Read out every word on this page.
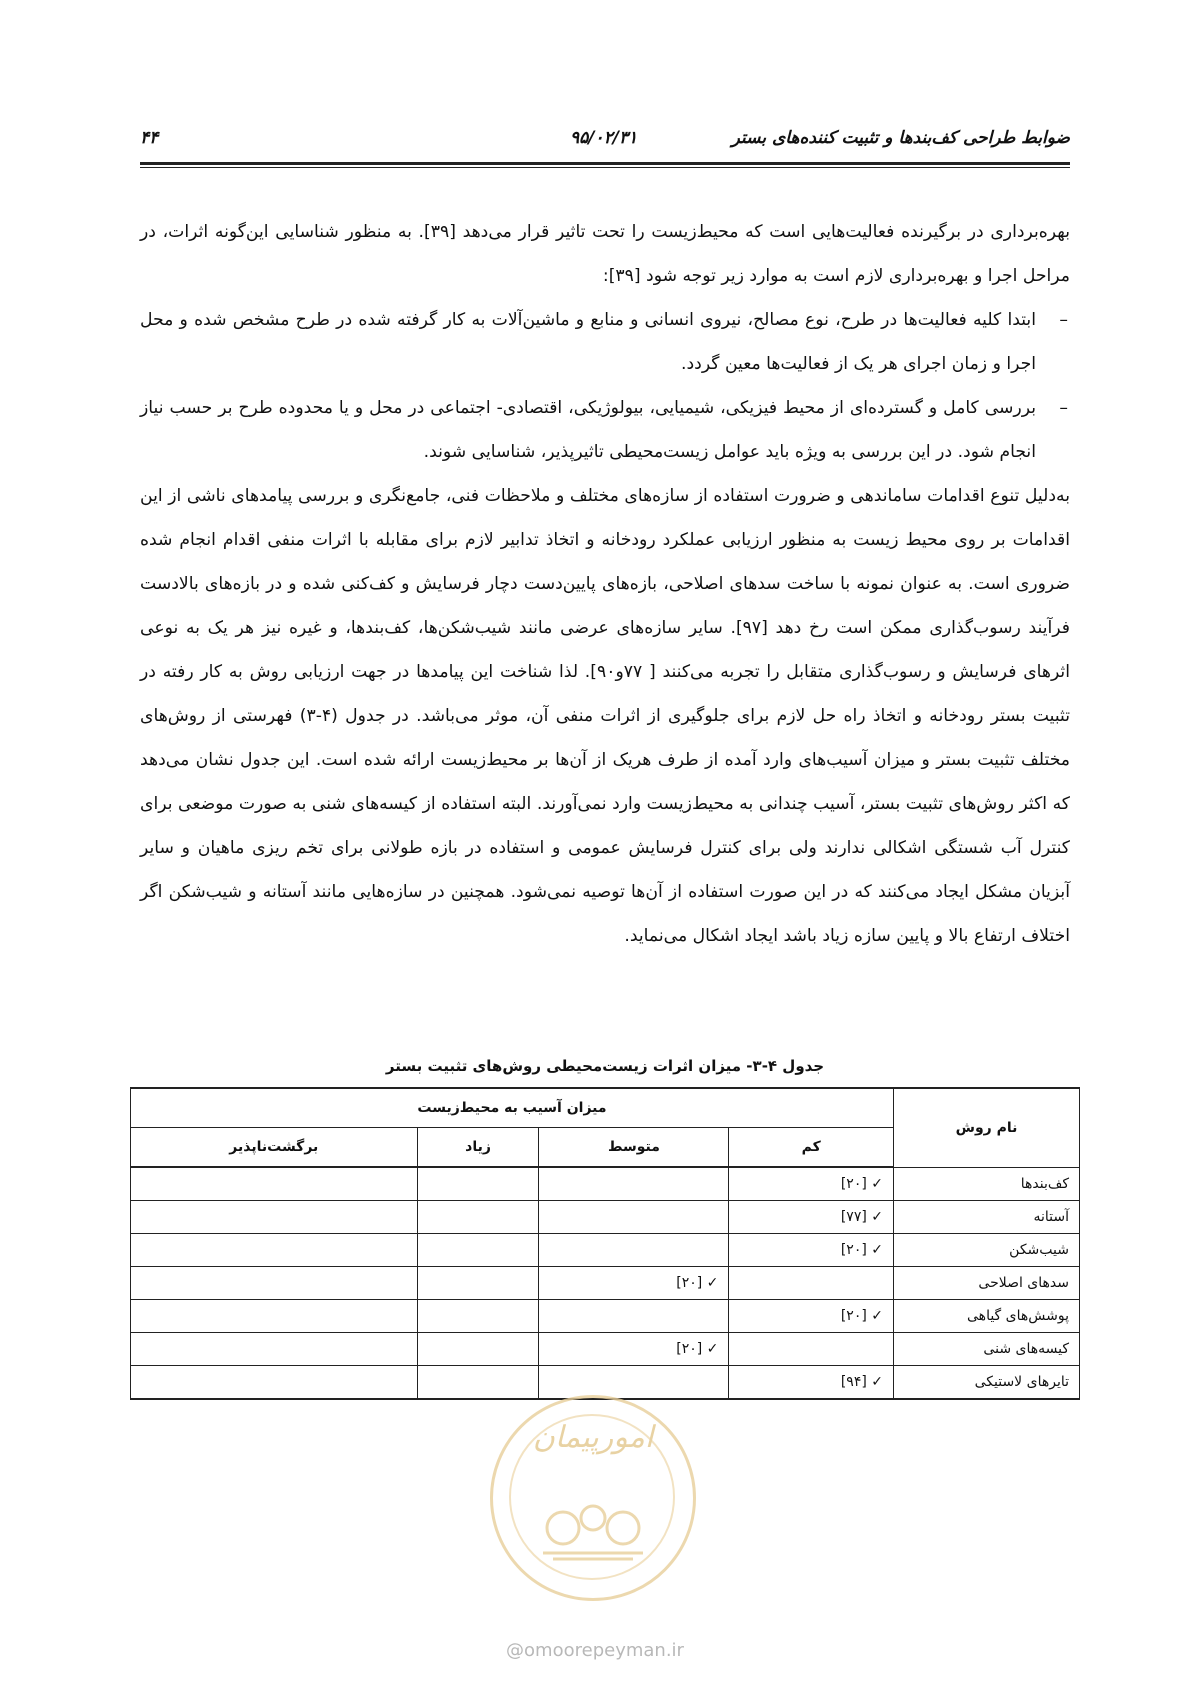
۴۴	۹۵/۰۲/۳۱	ضوابط طراحی کف‌بندها و تثبیت کننده‌های بستر

بهره‌برداری در برگیرنده فعالیت‌هایی است که محیط‌زیست را تحت تاثیر قرار می‌دهد [۳۹]. به منظور شناسایی این‌گونه اثرات، در مراحل اجرا و بهره‌برداری لازم است به موارد زیر توجه شود [۳۹]:

–
ابتدا کلیه فعالیت‌ها در طرح، نوع مصالح، نیروی انسانی و منابع و ماشین‌آلات به کار گرفته شده در طرح مشخص شده و محل اجرا و زمان اجرای هر یک از فعالیت‌ها معین گردد.
–
بررسی کامل و گسترده‌ای از محیط فیزیکی، شیمیایی، بیولوژیکی، اقتصادی- اجتماعی در محل و یا محدوده طرح بر حسب نیاز انجام شود. در این بررسی به ویژه باید عوامل زیست‌محیطی تاثیرپذیر، شناسایی شوند.

به‌دلیل تنوع اقدامات ساماندهی و ضرورت استفاده از سازه‌های مختلف و ملاحظات فنی، جامع‌نگری و بررسی پیامدهای ناشی از این اقدامات بر روی محیط زیست به منظور ارزیابی عملکرد رودخانه و اتخاذ تدابیر لازم برای مقابله با اثرات منفی اقدام انجام شده ضروری است. به عنوان نمونه با ساخت سدهای اصلاحی، بازه‌های پایین‌دست دچار فرسایش و کف‌کنی شده و در بازه‌های بالادست فرآیند رسوب‌گذاری ممکن است رخ دهد [۹۷]. سایر سازه‌های عرضی مانند شیب‌شکن‌ها، کف‌بندها، و غیره نیز هر یک به نوعی اثرهای فرسایش و رسوب‌گذاری متقابل را تجربه می‌کنند [ ۷۷و۹۰]. لذا شناخت این پیامدها در جهت ارزیابی روش به کار رفته در تثبیت بستر رودخانه و اتخاذ راه حل لازم برای جلوگیری از اثرات منفی آن، موثر می‌باشد. در جدول (۴-۳) فهرستی از روش‌های مختلف تثبیت بستر و میزان آسیب‌های وارد آمده از طرف هریک از آن‌ها بر محیط‌زیست ارائه شده است. این جدول نشان می‌دهد که اکثر روش‌های تثبیت بستر، آسیب چندانی به محیط‌زیست وارد نمی‌آورند. البته استفاده از کیسه‌های شنی به صورت موضعی برای کنترل آب شستگی اشکالی ندارند ولی برای کنترل فرسایش عمومی و استفاده در بازه طولانی برای تخم ریزی ماهیان و سایر آبزیان مشکل ایجاد می‌کنند که در این صورت استفاده از آن‌ها توصیه نمی‌شود. همچنین در سازه‌هایی مانند آستانه و شیب‌شکن اگر اختلاف ارتفاع بالا و پایین سازه زیاد باشد ایجاد اشکال می‌نماید.

جدول ۴-۳- میزان اثرات زیست‌محیطی روش‌های تثبیت بستر
نام روش	میزان آسیب به محیط‌زیست			
	کم	متوسط	زیاد	برگشت‌ناپذیر
کف‌بندها	✓ [۲۰]			
آستانه	✓ [۷۷]			
شیب‌شکن	✓ [۲۰]			
سدهای اصلاحی		✓ [۲۰]		
پوشش‌های گیاهی	✓ [۲۰]			
کیسه‌های شنی		✓ [۲۰]		
تایرهای لاستیکی	✓ [۹۴]			
امورپیمان
@omoorepeyman.ir
